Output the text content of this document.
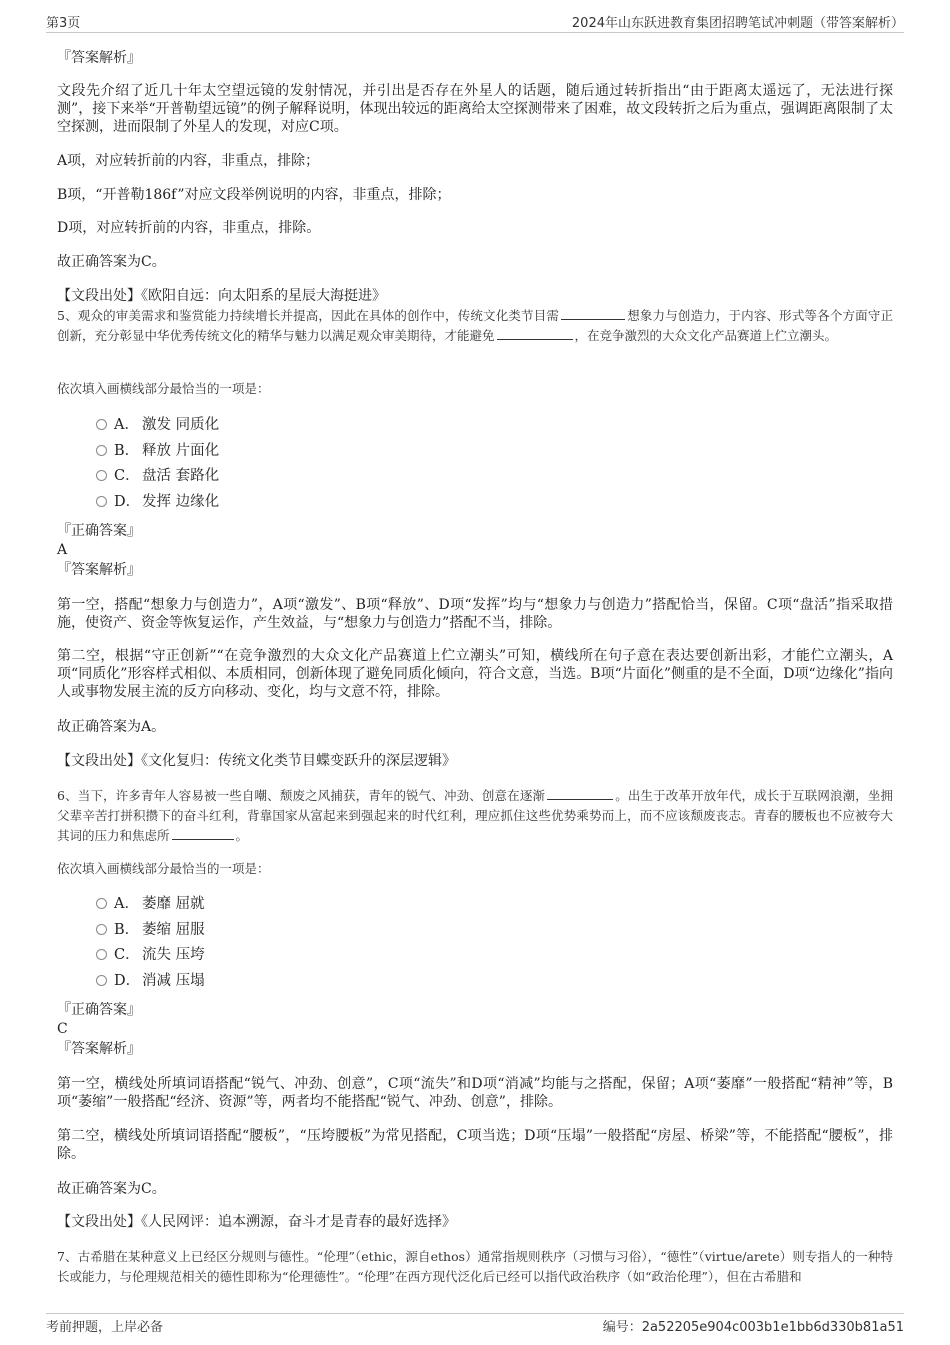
第3页	2024年山东跃进教育集团招聘笔试冲刺题（带答案解析）
『答案解析』
文段先介绍了近几十年太空望远镜的发射情况，并引出是否存在外星人的话题，随后通过转折指出“由于距离太遥远了，无法进行探测”，接下来举“开普勒望远镜”的例子解释说明，体现出较远的距离给太空探测带来了困难，故文段转折之后为重点，强调距离限制了太空探测，进而限制了外星人的发现，对应C项。
A项，对应转折前的内容，非重点，排除；
B项，“开普勒186f”对应文段举例说明的内容，非重点，排除；
D项，对应转折前的内容，非重点，排除。
故正确答案为C。
【文段出处】《欧阳自远：向太阳系的星辰大海挺进》
5、观众的审美需求和鉴赏能力持续增长并提高，因此在具体的创作中，传统文化类节目需	想象力与创造力，于内容、形式等各个方面守正创新，充分彰显中华优秀传统文化的精华与魅力以满足观众审美期待，才能避免	，在竞争激烈的大众文化产品赛道上伫立潮头。
依次填入画横线部分最恰当的一项是：
A． 激发 同质化
B． 释放 片面化
C． 盘活 套路化
D． 发挥 边缘化
『正确答案』
A
『答案解析』
第一空，搭配“想象力与创造力”，A项“激发”、B项“释放”、D项“发挥”均与“想象力与创造力”搭配恰当，保留。C项“盘活”指采取措施，使资产、资金等恢复运作，产生效益，与“想象力与创造力”搭配不当，排除。
第二空，根据“守正创新”“在竞争激烈的大众文化产品赛道上伫立潮头”可知，横线所在句子意在表达要创新出彩，才能伫立潮头，A项“同质化”形容样式相似、本质相同，创新体现了避免同质化倾向，符合文意，当选。B项“片面化”侧重的是不全面，D项“边缘化”指向人或事物发展主流的反方向移动、变化，均与文意不符，排除。
故正确答案为A。
【文段出处】《文化复归：传统文化类节目蝶变跃升的深层逻辑》
6、当下，许多青年人容易被一些自嘲、颓废之风捕获，青年的锐气、冲劲、创意在逐渐	。出生于改革开放年代，成长于互联网浪潮，坐拥父辈辛苦打拼积攒下的奋斗红利，背靠国家从富起来到强起来的时代红利，理应抓住这些优势乘势而上，而不应该颓废丧志。青春的腰板也不应被夸大其词的压力和焦虑所	。
依次填入画横线部分最恰当的一项是：
A． 萎靡 屈就
B． 萎缩 屈服
C． 流失 压垮
D． 消减 压塌
『正确答案』
C
『答案解析』
第一空，横线处所填词语搭配“锐气、冲劲、创意”，C项“流失”和D项“消减”均能与之搭配，保留；A项“萎靡”一般搭配“精神”等，B项“萎缩”一般搭配“经济、资源”等，两者均不能搭配“锐气、冲劲、创意”，排除。
第二空，横线处所填词语搭配“腰板”，“压垮腰板”为常见搭配，C项当选；D项“压塌”一般搭配“房屋、桥梁”等，不能搭配“腰板”，排除。
故正确答案为C。
【文段出处】《人民网评：追本溯源，奋斗才是青春的最好选择》
7、古希腊在某种意义上已经区分规则与德性。“伦理”（ethic，源自ethos）通常指规则秩序（习惯与习俗），“德性”（virtue/arete）则专指人的一种特长或能力，与伦理规范相关的德性即称为“伦理德性”。“伦理”在西方现代泛化后已经可以指代政治秩序（如“政治伦理”），但在古希腊和
考前押题，上岸必备	编号：2a52205e904c003b1e1bb6d330b81a51
